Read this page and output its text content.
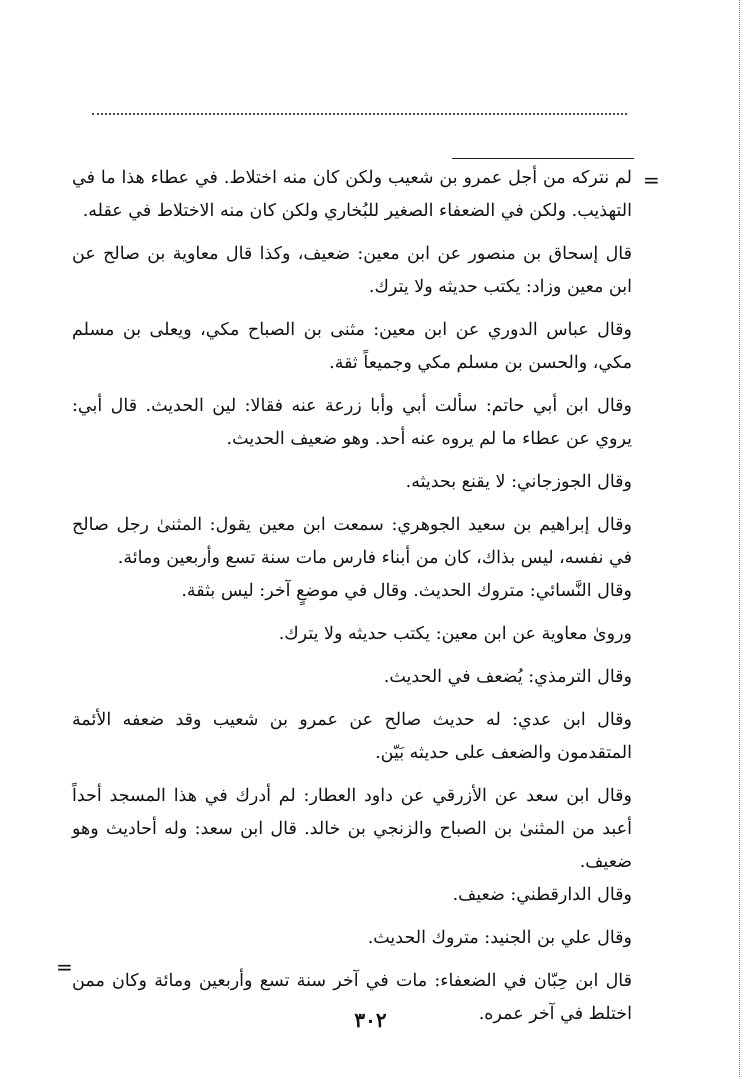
=
=

لم نتركه من أجل عمرو بن شعيب ولكن كان منه اختلاط. في عطاء هذا ما في التهذيب. ولكن في الضعفاء الصغير للبُخاري ولكن كان منه الاختلاط في عقله.

قال إسحاق بن منصور عن ابن معين: ضعيف، وكذا قال معاوية بن صالح عن ابن معين وزاد: يكتب حديثه ولا يترك.

وقال عباس الدوري عن ابن معين: مثنى بن الصباح مكي، ويعلى بن مسلم مكي، والحسن بن مسلم مكي وجميعاً ثقة.

وقال ابن أبي حاتم: سألت أبي وأبا زرعة عنه فقالا: لين الحديث. قال أبي: يروي عن عطاء ما لم يروه عنه أحد. وهو ضعيف الحديث.

وقال الجوزجاني: لا يقنع بحديثه.

وقال إبراهيم بن سعيد الجوهري: سمعت ابن معين يقول: المثنىٰ رجل صالح في نفسه، ليس بذاك، كان من أبناء فارس مات سنة تسع وأربعين ومائة.

وقال النَّسائي: متروك الحديث. وقال في موضعٍ آخر: ليس بثقة.

ورویٰ معاوية عن ابن معين: يكتب حديثه ولا يترك.

وقال الترمذي: يُضعف في الحديث.

وقال ابن عدي: له حديث صالح عن عمرو بن شعيب وقد ضعفه الأئمة المتقدمون والضعف على حديثه بَيّن.

وقال ابن سعد عن الأزرقي عن داود العطار: لم أدرك في هذا المسجد أحداً أعبد من المثنىٰ بن الصباح والزنجي بن خالد. قال ابن سعد: وله أحاديث وهو ضعيف.

وقال الدارقطني: ضعيف.

وقال علي بن الجنيد: متروك الحديث.

قال ابن حِبّان في الضعفاء: مات في آخر سنة تسع وأربعين ومائة وكان ممن اختلط في آخر عمره.

٣٠٢
